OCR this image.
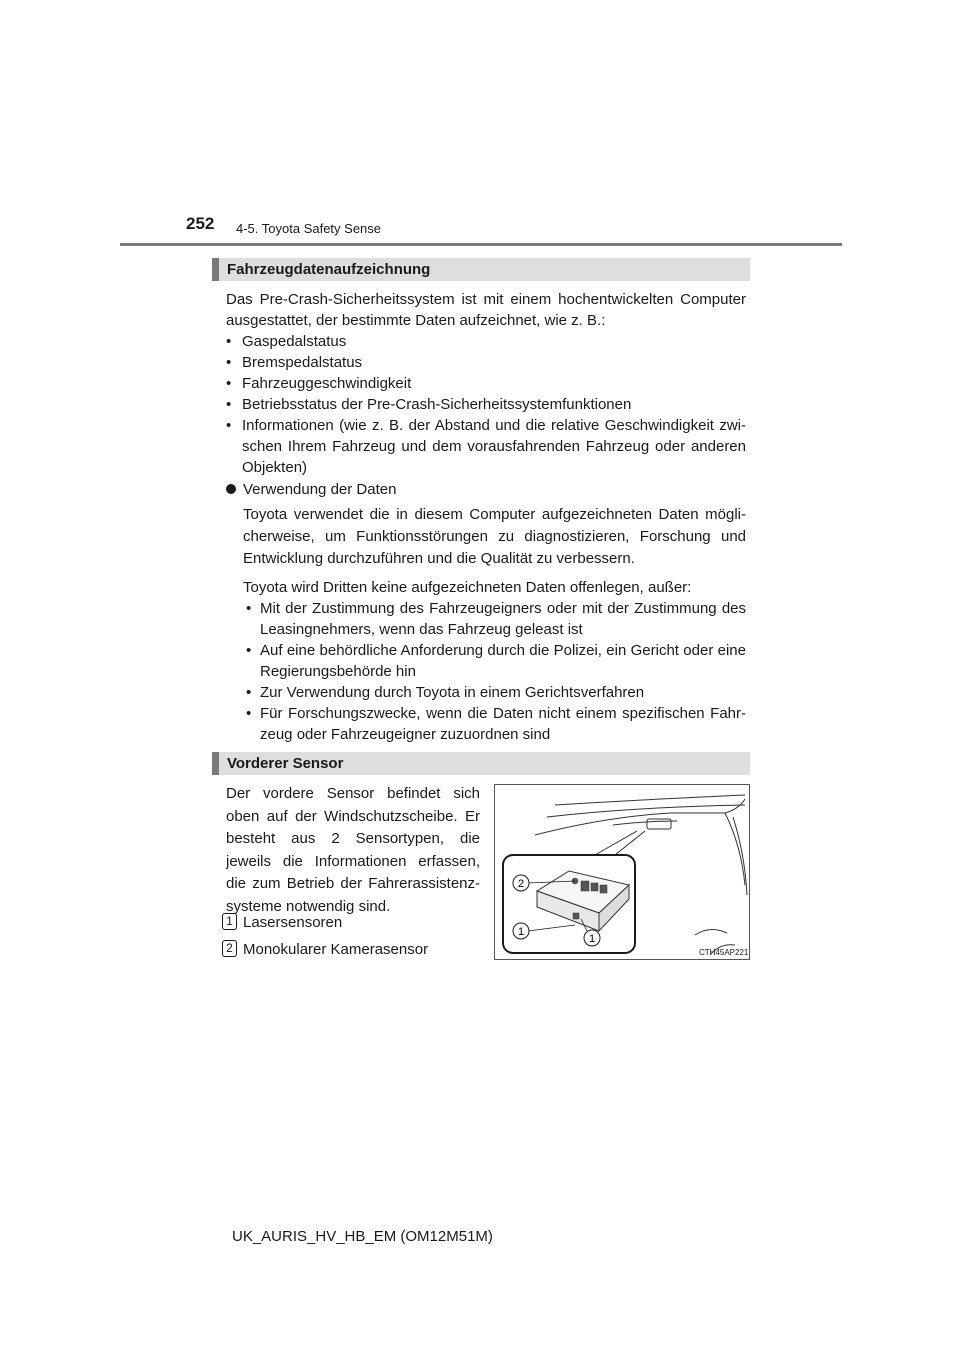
252 4-5. Toyota Safety Sense
Fahrzeugdatenaufzeichnung
Das Pre-Crash-Sicherheitssystem ist mit einem hochentwickelten Computer ausgestattet, der bestimmte Daten aufzeichnet, wie z. B.:
• Gaspedalstatus
• Bremspedalstatus
• Fahrzeuggeschwindigkeit
• Betriebsstatus der Pre-Crash-Sicherheitssystemfunktionen
• Informationen (wie z. B. der Abstand und die relative Geschwindigkeit zwi-schen Ihrem Fahrzeug und dem vorausfahrenden Fahrzeug oder anderen Objekten)
Verwendung der Daten
Toyota verwendet die in diesem Computer aufgezeichneten Daten mögli-cherweise, um Funktionsstörungen zu diagnostizieren, Forschung und Entwicklung durchzuführen und die Qualität zu verbessern.
Toyota wird Dritten keine aufgezeichneten Daten offenlegen, außer:
• Mit der Zustimmung des Fahrzeugeigners oder mit der Zustimmung des Leasingnehmers, wenn das Fahrzeug geleast ist
• Auf eine behördliche Anforderung durch die Polizei, ein Gericht oder eine Regierungsbehörde hin
• Zur Verwendung durch Toyota in einem Gerichtsverfahren
• Für Forschungszwecke, wenn die Daten nicht einem spezifischen Fahr-zeug oder Fahrzeugeigner zuzuordnen sind
Vorderer Sensor
Der vordere Sensor befindet sich oben auf der Windschutzscheibe. Er besteht aus 2 Sensortypen, die jeweils die Informationen erfassen, die zum Betrieb der Fahrerassistenz-systeme notwendig sind.
1 Lasersensoren
2 Monokularer Kamerasensor
2
1
1
CTH45AP221
UK_AURIS_HV_HB_EM (OM12M51M)
